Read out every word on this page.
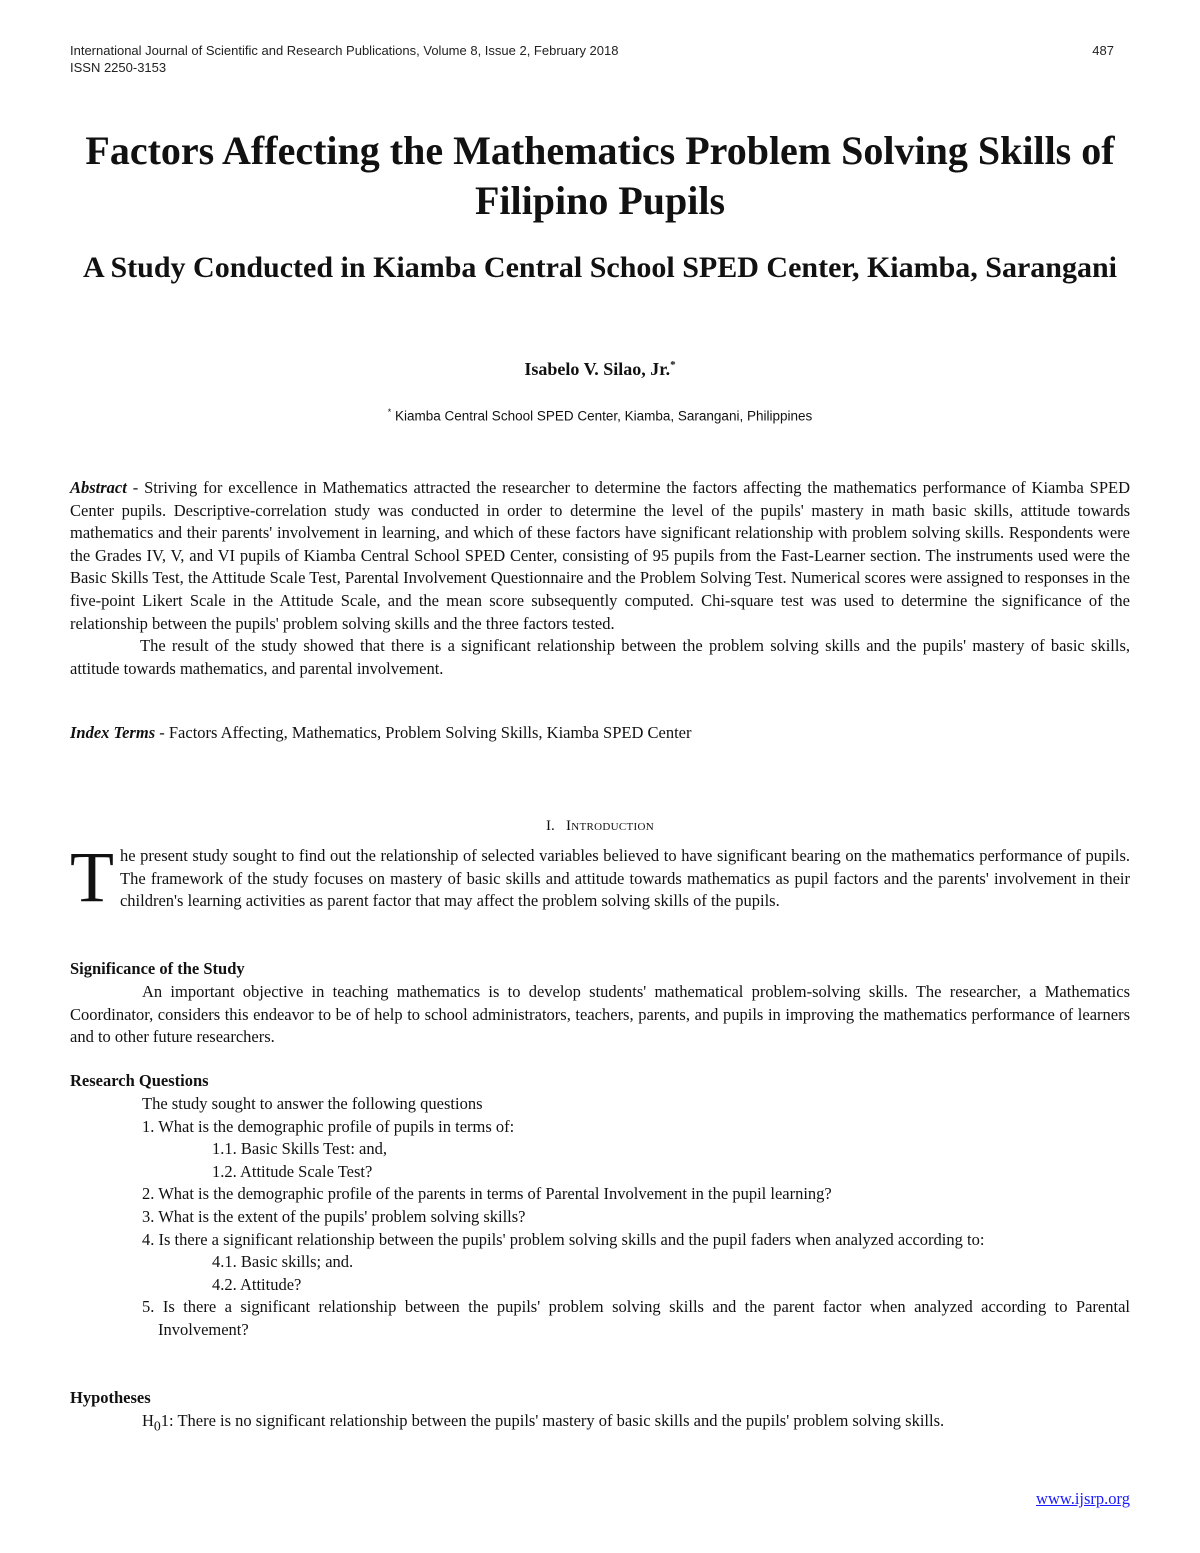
International Journal of Scientific and Research Publications, Volume 8, Issue 2, February 2018
ISSN 2250-3153
487
Factors Affecting the Mathematics Problem Solving Skills of Filipino Pupils
A Study Conducted in Kiamba Central School SPED Center, Kiamba, Sarangani
Isabelo V. Silao, Jr.*
* Kiamba Central School SPED Center, Kiamba, Sarangani, Philippines

Abstract - Striving for excellence in Mathematics attracted the researcher to determine the factors affecting the mathematics performance of Kiamba SPED Center pupils. Descriptive-correlation study was conducted in order to determine the level of the pupils' mastery in math basic skills, attitude towards mathematics and their parents' involvement in learning, and which of these factors have significant relationship with problem solving skills. Respondents were the Grades IV, V, and VI pupils of Kiamba Central School SPED Center, consisting of 95 pupils from the Fast-Learner section. The instruments used were the Basic Skills Test, the Attitude Scale Test, Parental Involvement Questionnaire and the Problem Solving Test. Numerical scores were assigned to responses in the five-point Likert Scale in the Attitude Scale, and the mean score subsequently computed. Chi-square test was used to determine the significance of the relationship between the pupils' problem solving skills and the three factors tested.

The result of the study showed that there is a significant relationship between the problem solving skills and the pupils' mastery of basic skills, attitude towards mathematics, and parental involvement.

Index Terms - Factors Affecting, Mathematics, Problem Solving Skills, Kiamba SPED Center
I. Introduction
The present study sought to find out the relationship of selected variables believed to have significant bearing on the mathematics performance of pupils. The framework of the study focuses on mastery of basic skills and attitude towards mathematics as pupil factors and the parents' involvement in their children's learning activities as parent factor that may affect the problem solving skills of the pupils.
Significance of the Study

An important objective in teaching mathematics is to develop students' mathematical problem-solving skills. The researcher, a Mathematics Coordinator, considers this endeavor to be of help to school administrators, teachers, parents, and pupils in improving the mathematics performance of learners and to other future researchers.

Research Questions
The study sought to answer the following questions
1. What is the demographic profile of pupils in terms of:
1.1. Basic Skills Test: and,
1.2. Attitude Scale Test?
2. What is the demographic profile of the parents in terms of Parental Involvement in the pupil learning?
3. What is the extent of the pupils' problem solving skills?
4. Is there a significant relationship between the pupils' problem solving skills and the pupil faders when analyzed according to:
4.1. Basic skills; and.
4.2. Attitude?
5. Is there a significant relationship between the pupils' problem solving skills and the parent factor when analyzed according to Parental Involvement?
Hypotheses

$H_01$: There is no significant relationship between the pupils' mastery of basic skills and the pupils' problem solving skills.

www.ijsrp.org
